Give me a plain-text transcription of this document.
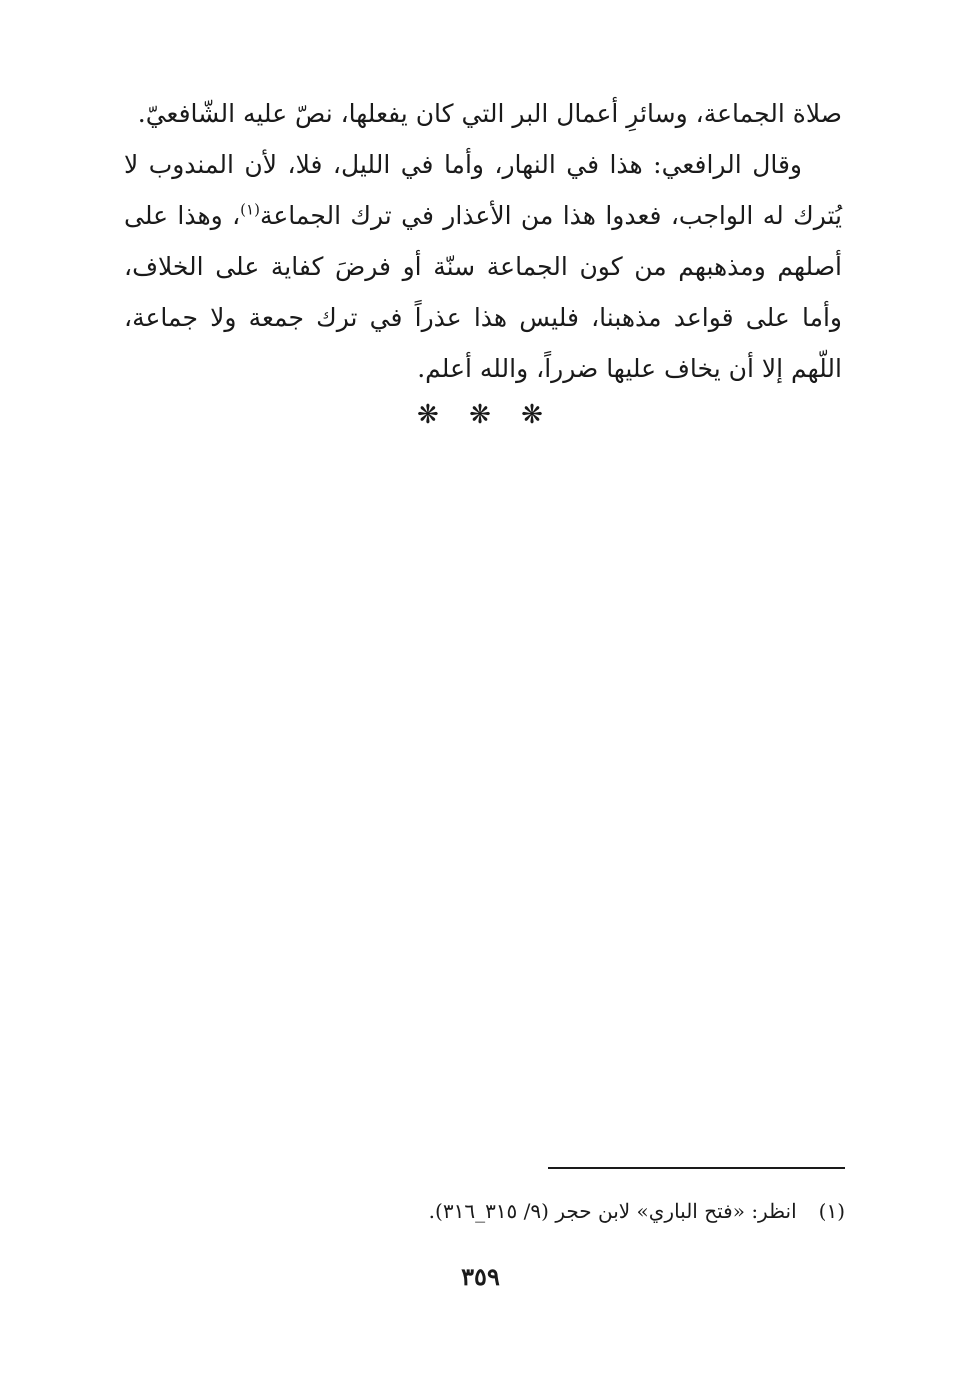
صلاة الجماعة، وسائرِ أعمال البر التي كان يفعلها، نصّ عليه الشّافعيّ.

وقال الرافعي: هذا في النهار، وأما في الليل، فلا، لأن المندوب لا يُترك له الواجب، فعدوا هذا من الأعذار في ترك الجماعة$^{(١)}$، وهذا على أصلهم ومذهبهم من كون الجماعة سنّة أو فرضَ كفاية على الخلاف، وأما على قواعد مذهبنا، فليس هذا عذراً في ترك جمعة ولا جماعة، اللّهم إلا أن يخاف عليها ضرراً، والله أعلم.

❋ ❋ ❋
(١)انظر: «فتح الباري» لابن حجر (٩/ ٣١٥_٣١٦).
٣٥٩
